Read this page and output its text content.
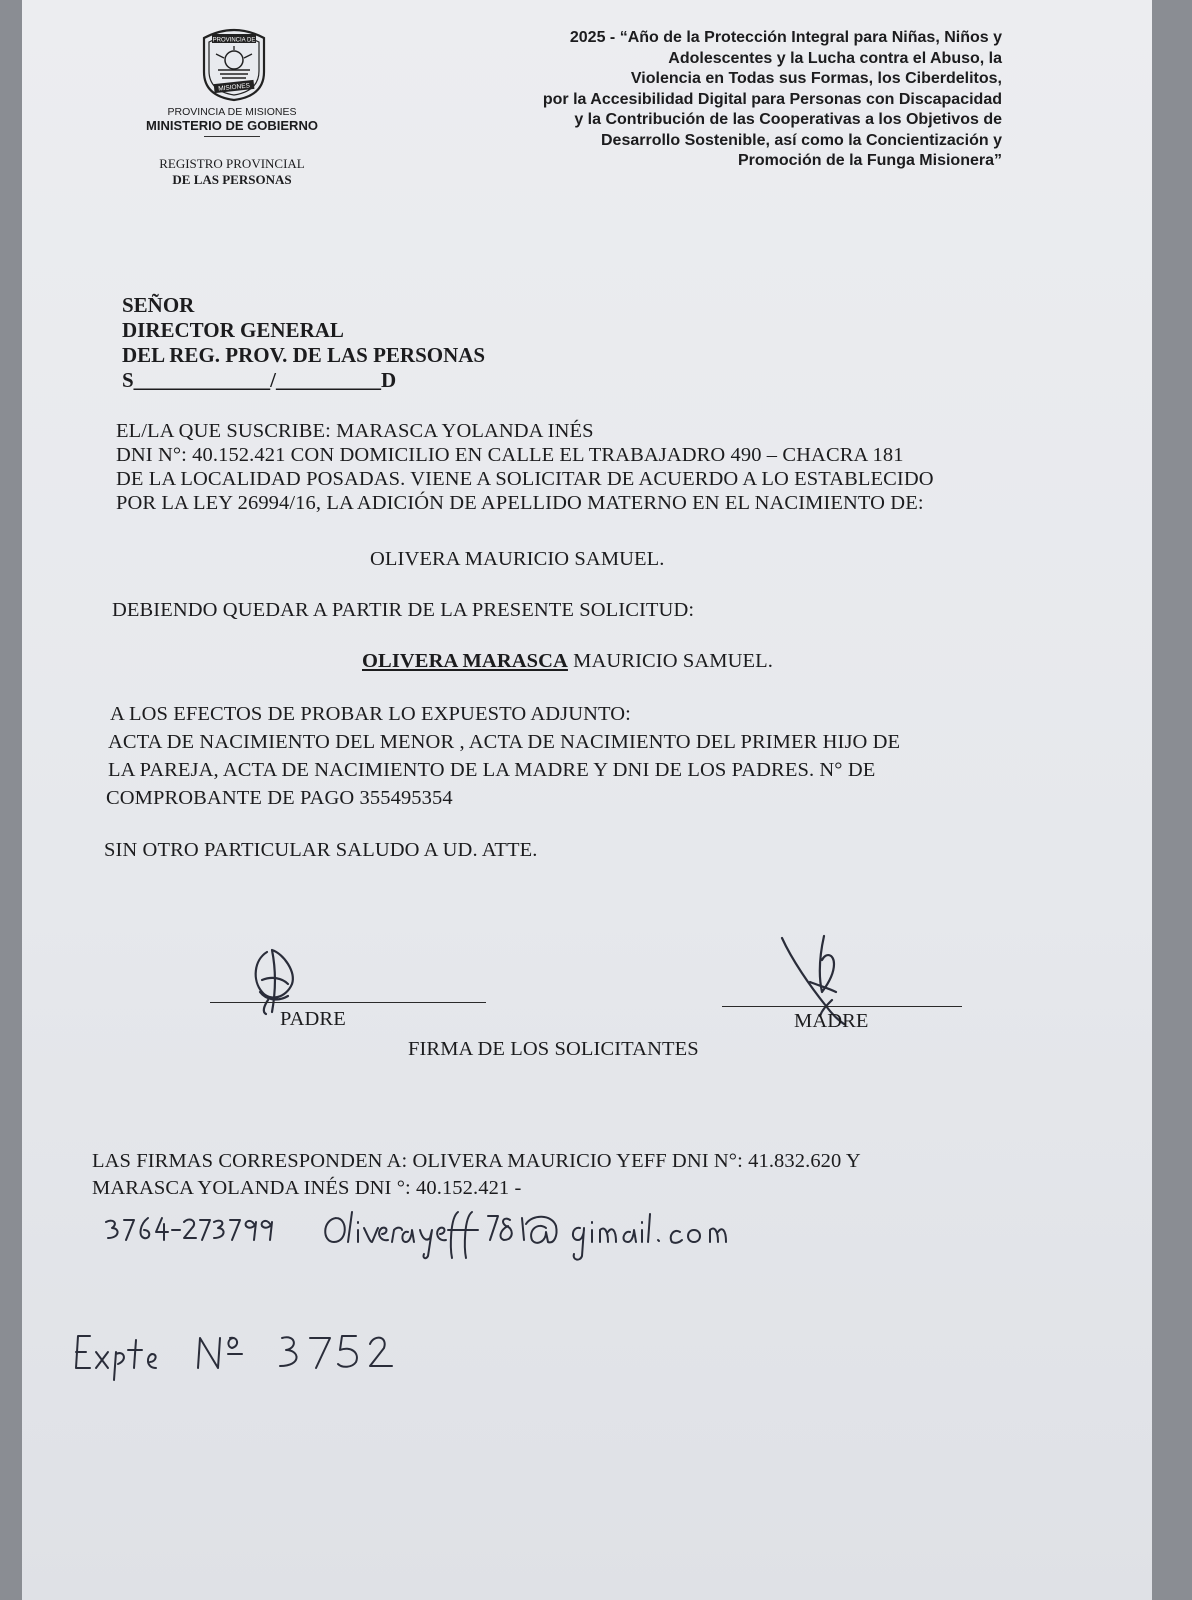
PROVINCIA DE
MISIONES
PROVINCIA DE MISIONES
MINISTERIO DE GOBIERNO
REGISTRO PROVINCIAL
DE LAS PERSONAS
2025 - “Año de la Protección Integral para Niñas, Niños y
Adolescentes y la Lucha contra el Abuso, la
Violencia en Todas sus Formas, los Ciberdelitos,
por la Accesibilidad Digital para Personas con Discapacidad
y la Contribución de las Cooperativas a los Objetivos de
Desarrollo Sostenible, así como la Concientización y
Promoción de la Funga Misionera”
SEÑOR
DIRECTOR GENERAL
DEL REG. PROV. DE LAS PERSONAS
S_____________/__________D
EL/LA QUE SUSCRIBE: MARASCA YOLANDA INÉS
DNI N°: 40.152.421 CON DOMICILIO EN CALLE EL TRABAJADRO 490 – CHACRA 181
DE LA LOCALIDAD POSADAS. VIENE A SOLICITAR DE ACUERDO A LO ESTABLECIDO
POR LA LEY 26994/16, LA ADICIÓN DE APELLIDO MATERNO EN EL NACIMIENTO DE:
OLIVERA MAURICIO SAMUEL.
DEBIENDO QUEDAR A PARTIR DE LA PRESENTE SOLICITUD:
OLIVERA MARASCA MAURICIO SAMUEL.
A LOS EFECTOS DE PROBAR LO EXPUESTO ADJUNTO:
ACTA DE NACIMIENTO DEL MENOR , ACTA DE NACIMIENTO DEL PRIMER HIJO DE
LA PAREJA, ACTA DE NACIMIENTO DE LA MADRE Y DNI DE LOS PADRES. N° DE
COMPROBANTE DE PAGO 355495354
SIN OTRO PARTICULAR SALUDO A UD. ATTE.
PADRE	MADRE
FIRMA DE LOS SOLICITANTES
LAS FIRMAS CORRESPONDEN A: OLIVERA MAURICIO YEFF DNI N°: 41.832.620 Y
MARASCA YOLANDA INÉS DNI °: 40.152.421 -
